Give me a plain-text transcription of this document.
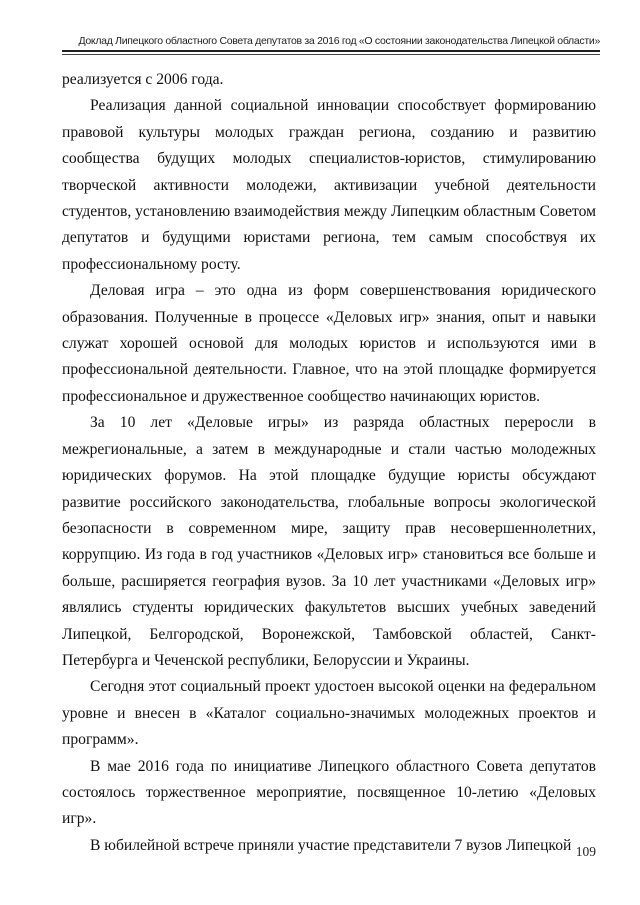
Доклад Липецкого областного Совета депутатов за 2016 год «О состоянии законодательства Липецкой области»

реализуется с 2006 года.

Реализация данной социальной инновации способствует формированию правовой культуры молодых граждан региона, созданию и развитию сообщества будущих молодых специалистов-юристов, стимулированию творческой активности молодежи, активизации учебной деятельности студентов, установлению взаимодействия между Липецким областным Советом депутатов и будущими юристами региона, тем самым способствуя их профессиональному росту.

Деловая игра – это одна из форм совершенствования юридического образования. Полученные в процессе «Деловых игр» знания, опыт и навыки служат хорошей основой для молодых юристов и используются ими в профессиональной деятельности. Главное, что на этой площадке формируется профессиональное и дружественное сообщество начинающих юристов.

За 10 лет «Деловые игры» из разряда областных переросли в межрегиональные, а затем в международные и стали частью молодежных юридических форумов. На этой площадке будущие юристы обсуждают развитие российского законодательства, глобальные вопросы экологической безопасности в современном мире, защиту прав несовершеннолетних, коррупцию. Из года в год участников «Деловых игр» становиться все больше и больше, расширяется география вузов. За 10 лет участниками «Деловых игр» являлись студенты юридических факультетов высших учебных заведений Липецкой, Белгородской, Воронежской, Тамбовской областей, Санкт-Петербурга и Чеченской республики, Белоруссии и Украины.

Сегодня этот социальный проект удостоен высокой оценки на федеральном уровне и внесен в «Каталог социально-значимых молодежных проектов и программ».

В мае 2016 года по инициативе Липецкого областного Совета депутатов состоялось торжественное мероприятие, посвященное 10-летию «Деловых игр».

В юбилейной встрече приняли участие представители 7 вузов Липецкой 109
